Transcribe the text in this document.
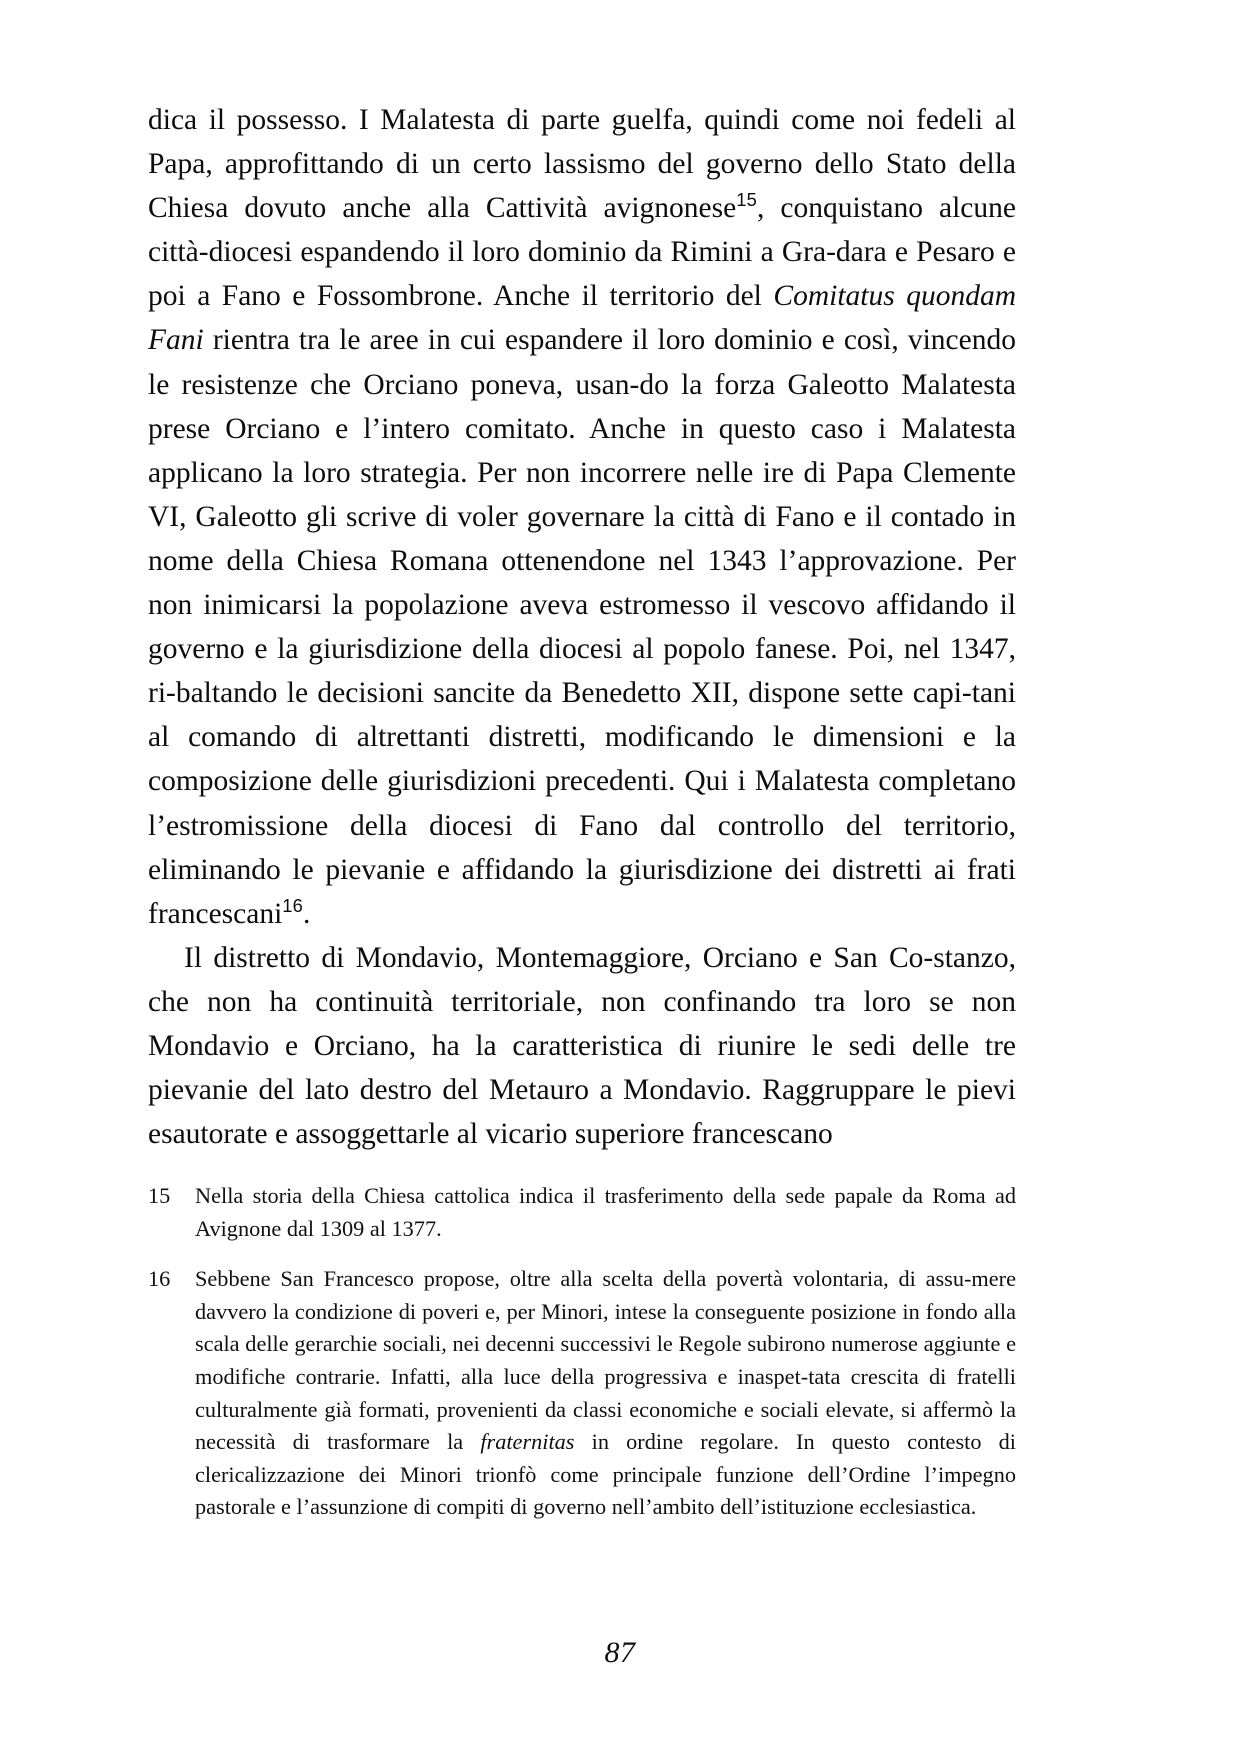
dica il possesso. I Malatesta di parte guelfa, quindi come noi fedeli al Papa, approfittando di un certo lassismo del governo dello Stato della Chiesa dovuto anche alla Cattività avignonese$^{15}$, conquistano alcune città-diocesi espandendo il loro dominio da Rimini a Gra-dara e Pesaro e poi a Fano e Fossombrone. Anche il territorio del Comitatus quondam Fani rientra tra le aree in cui espandere il loro dominio e così, vincendo le resistenze che Orciano poneva, usan-do la forza Galeotto Malatesta prese Orciano e l’intero comitato. Anche in questo caso i Malatesta applicano la loro strategia. Per non incorrere nelle ire di Papa Clemente VI, Galeotto gli scrive di voler governare la città di Fano e il contado in nome della Chiesa Romana ottenendone nel 1343 l’approvazione. Per non inimicarsi la popolazione aveva estromesso il vescovo affidando il governo e la giurisdizione della diocesi al popolo fanese. Poi, nel 1347, ri-baltando le decisioni sancite da Benedetto XII, dispone sette capi-tani al comando di altrettanti distretti, modificando le dimensioni e la composizione delle giurisdizioni precedenti. Qui i Malatesta completano l’estromissione della diocesi di Fano dal controllo del territorio, eliminando le pievanie e affidando la giurisdizione dei distretti ai frati francescani$^{16}$.

Il distretto di Mondavio, Montemaggiore, Orciano e San Co-stanzo, che non ha continuità territoriale, non confinando tra loro se non Mondavio e Orciano, ha la caratteristica di riunire le sedi delle tre pievanie del lato destro del Metauro a Mondavio. Raggruppare le pievi esautorate e assoggettarle al vicario superiore francescano

15	Nella storia della Chiesa cattolica indica il trasferimento della sede papale da Roma ad Avignone dal 1309 al 1377.
16	Sebbene San Francesco propose, oltre alla scelta della povertà volontaria, di assu-mere davvero la condizione di poveri e, per Minori, intese la conseguente posizione in fondo alla scala delle gerarchie sociali, nei decenni successivi le Regole subirono numerose aggiunte e modifiche contrarie. Infatti, alla luce della progressiva e inaspet-tata crescita di fratelli culturalmente già formati, provenienti da classi economiche e sociali elevate, si affermò la necessità di trasformare la fraternitas in ordine regolare. In questo contesto di clericalizzazione dei Minori trionfò come principale funzione dell’Ordine l’impegno pastorale e l’assunzione di compiti di governo nell’ambito dell’istituzione ecclesiastica.
87
